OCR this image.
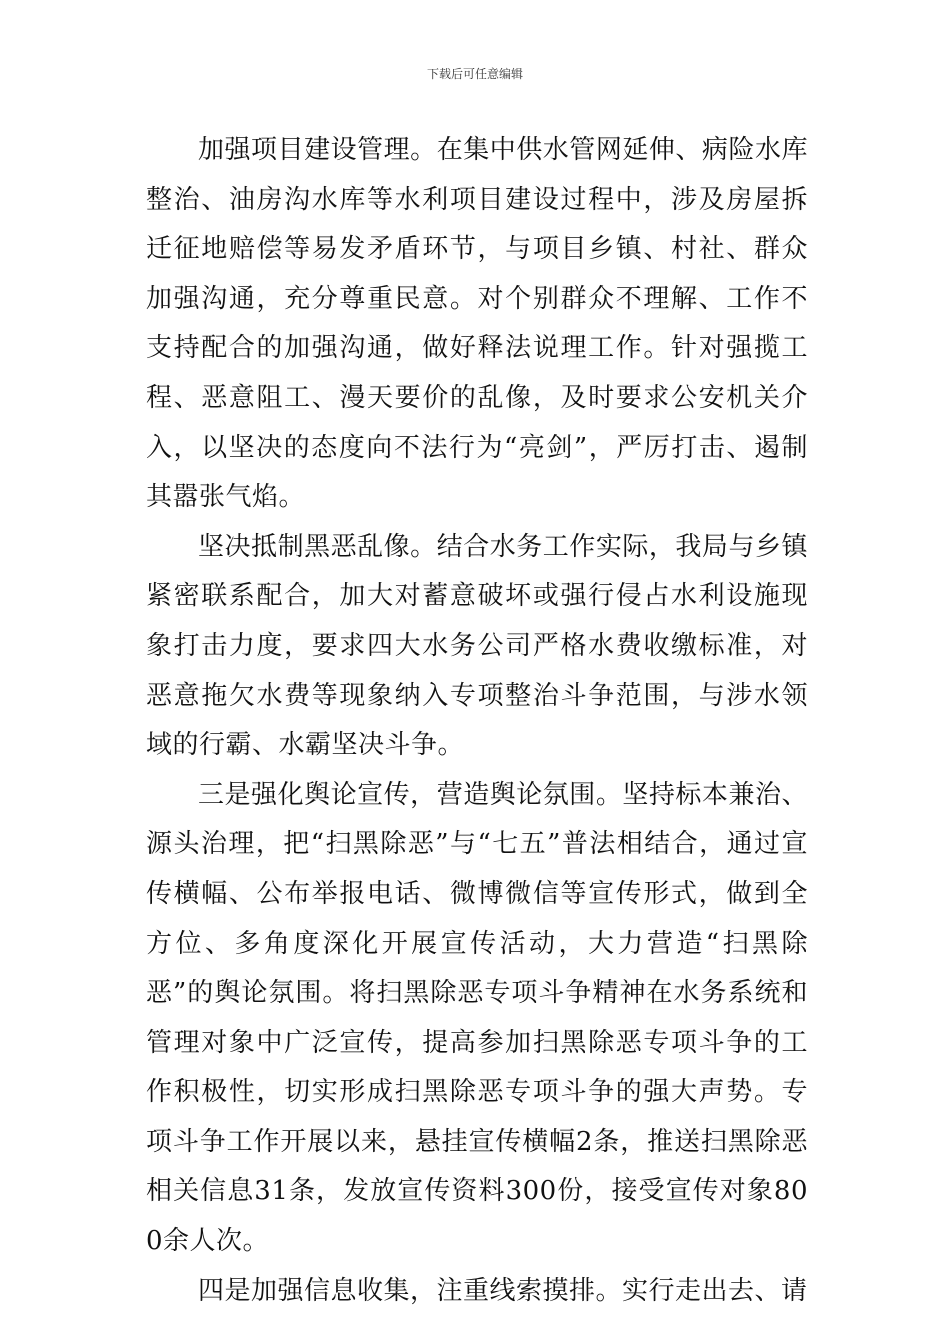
下载后可任意编辑

加强项目建设管理。在集中供水管网延伸、病险水库整治、油房沟水库等水利项目建设过程中，涉及房屋拆迁征地赔偿等易发矛盾环节，与项目乡镇、村社、群众加强沟通，充分尊重民意。对个别群众不理解、工作不支持配合的加强沟通，做好释法说理工作。针对强揽工程、恶意阻工、漫天要价的乱像，及时要求公安机关介入，以坚决的态度向不法行为“亮剑”，严厉打击、遏制其嚣张气焰。

坚决抵制黑恶乱像。结合水务工作实际，我局与乡镇紧密联系配合，加大对蓄意破坏或强行侵占水利设施现象打击力度，要求四大水务公司严格水费收缴标准，对恶意拖欠水费等现象纳入专项整治斗争范围，与涉水领域的行霸、水霸坚决斗争。

三是强化舆论宣传，营造舆论氛围。坚持标本兼治、源头治理，把“扫黑除恶”与“七五”普法相结合，通过宣传横幅、公布举报电话、微博微信等宣传形式，做到全方位、多角度深化开展宣传活动，大力营造“扫黑除恶”的舆论氛围。将扫黑除恶专项斗争精神在水务系统和管理对象中广泛宣传，提高参加扫黑除恶专项斗争的工作积极性，切实形成扫黑除恶专项斗争的强大声势。专项斗争工作开展以来，悬挂宣传横幅2条，推送扫黑除恶相关信息31条，发放宣传资料300份，接受宣传对象800余人次。

四是加强信息收集，注重线索摸排。实行走出去、请
